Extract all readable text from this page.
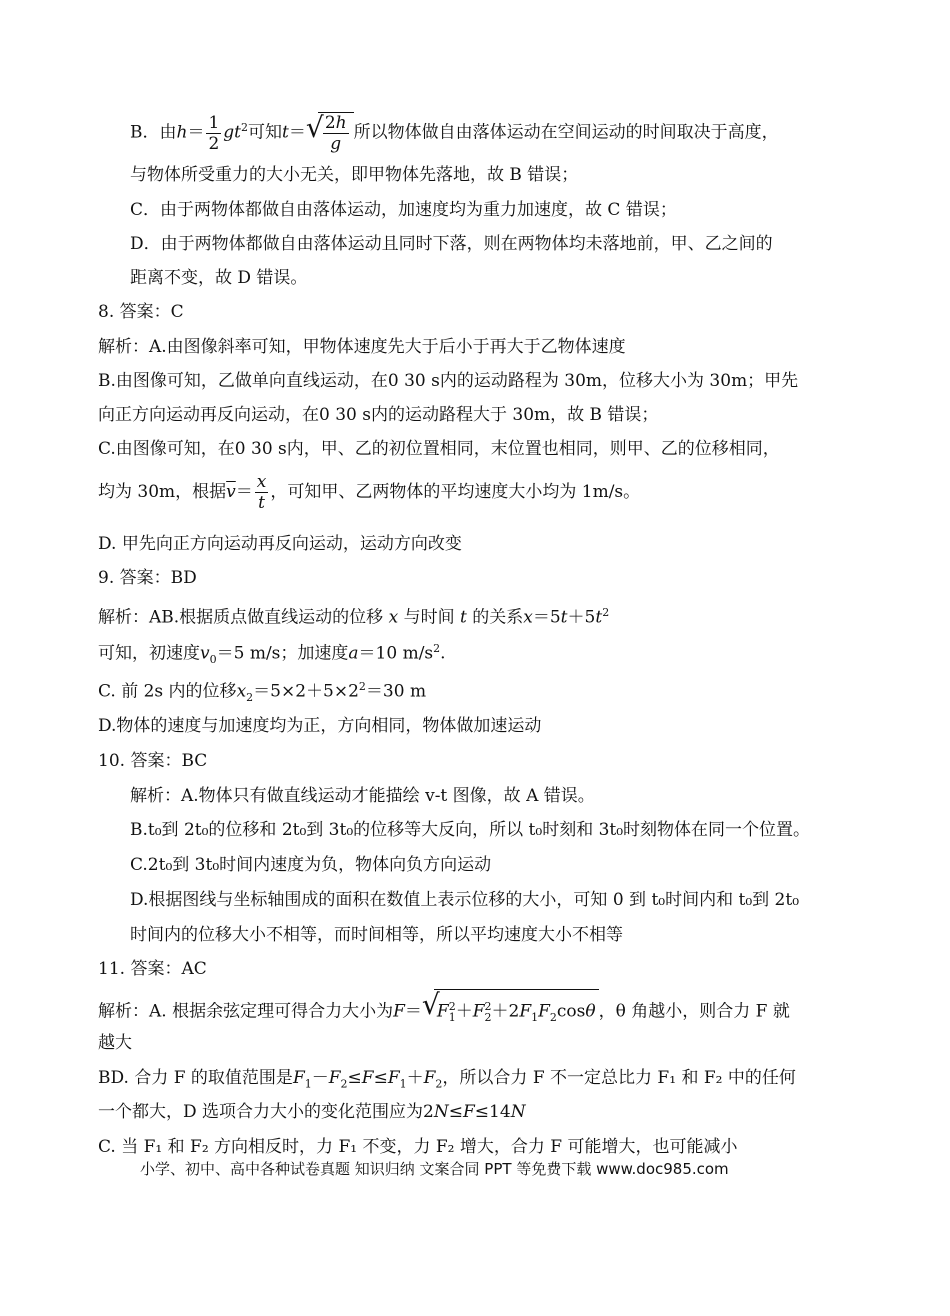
B．由$h= \frac{1}{2} gt^2$可知t＝ √ $\frac{2h}{g}$ 所以物体做自由落体运动在空间运动的时间取决于高度，
与物体所受重力的大小无关，即甲物体先落地，故 B 错误；
C．由于两物体都做自由落体运动，加速度均为重力加速度，故 C 错误；
D．由于两物体都做自由落体运动且同时下落，则在两物体均未落地前，甲、乙之间的
距离不变，故 D 错误。
8. 答案：C
解析：A.由图像斜率可知，甲物体速度先大于后小于再大于乙物体速度
B.由图像可知，乙做单向直线运动，在0 30 s内的运动路程为 30m，位移大小为 30m；甲先
向正方向运动再反向运动，在0 30 s内的运动路程大于 30m，故 B 错误；
C.由图像可知，在0 30 s内，甲、乙的初位置相同，末位置也相同，则甲、乙的位移相同，
均为 30m，根据$\overline{v}= \frac{x}{t}$ ，可知甲、乙两物体的平均速度大小均为 1m/s。
D. 甲先向正方向运动再反向运动，运动方向改变
9. 答案：BD
解析：AB.根据质点做直线运动的位移 x 与时间 t 的关系$x=5t+5t^2$
可知，初速度$v_0=5$ m/s；加速度a＝10 $m/s^2$.
C. 前 2s 内的位移$x_2=5\times 2+5\times 2^2=30$ m
D.物体的速度与加速度均为正，方向相同，物体做加速运动
10. 答案：BC
解析：A.物体只有做直线运动才能描绘 v-t 图像，故 A 错误。
B.t₀到 2t₀的位移和 2t₀到 3t₀的位移等大反向，所以 t₀时刻和 3t₀时刻物体在同一个位置。
C.2t₀到 3t₀时间内速度为负，物体向负方向运动
D.根据图线与坐标轴围成的面积在数值上表示位移的大小，可知 0 到 t₀时间内和 t₀到 2t₀
时间内的位移大小不相等，而时间相等，所以平均速度大小不相等
11. 答案：AC
解析：A. 根据余弦定理可得合力大小为F＝ √
$F^2_1+F^2_2+2F_1F_2\cos\theta$ ，θ 角越小，则合力 F 就
越大
BD. 合力 F 的取值范围是$F_1-F_2\le F\le F_1+F_2$，所以合力 F 不一定总比力 F₁ 和 F₂ 中的任何
一个都大，D 选项合力大小的变化范围应为2N≤F≤14N
C. 当 F₁ 和 F₂ 方向相反时，力 F₁ 不变，力 F₂ 增大，合力 F 可能增大，也可能减小
小学、初中、高中各种试卷真题 知识归纳 文案合同 PPT 等免费下载 www.doc985.com
